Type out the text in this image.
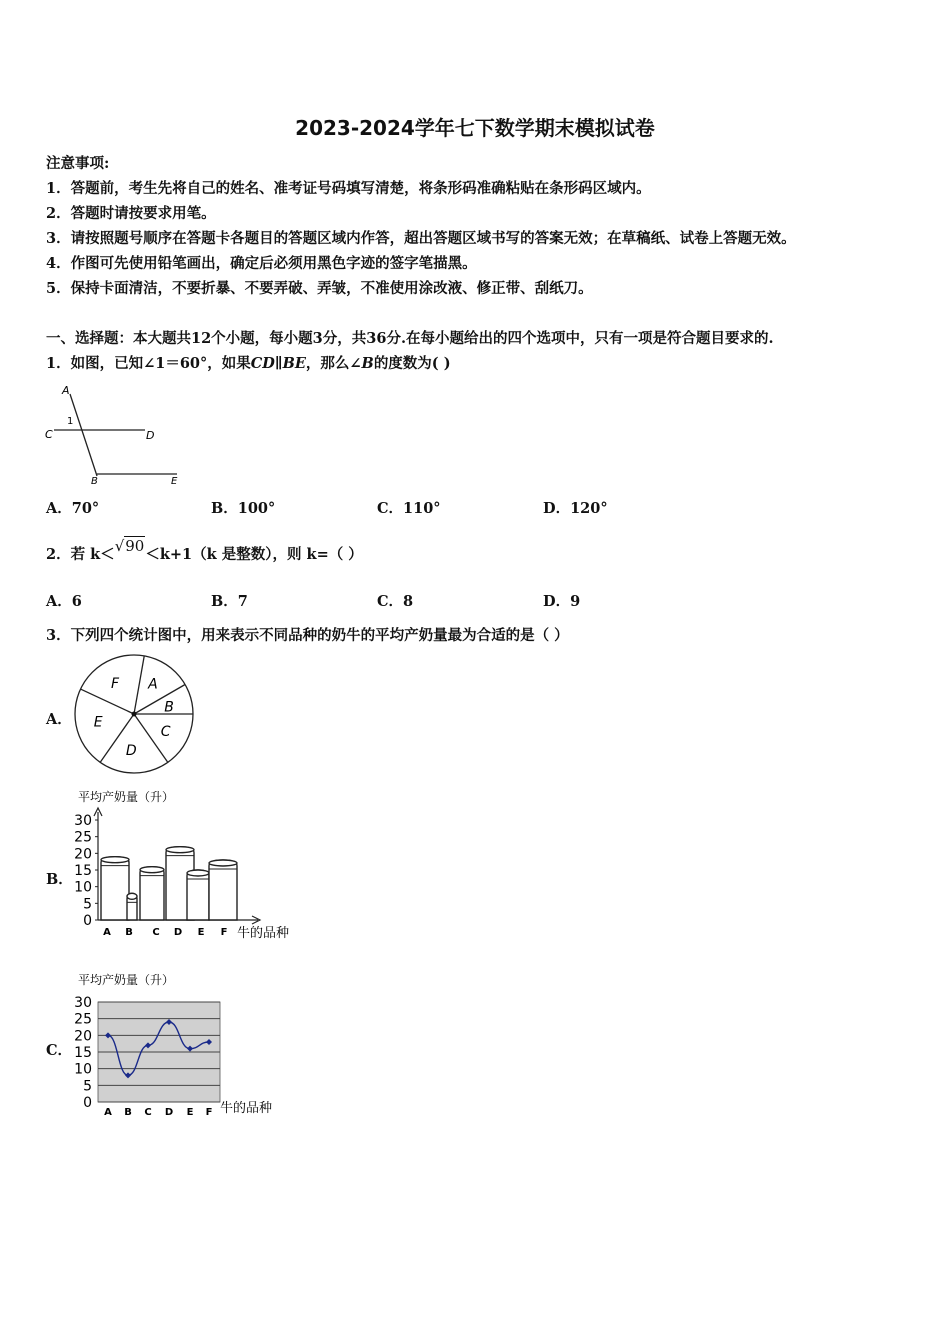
2023-2024学年七下数学期末模拟试卷
注意事项:
1．答题前，考生先将自己的姓名、准考证号码填写清楚，将条形码准确粘贴在条形码区域内。
2．答题时请按要求用笔。
3．请按照题号顺序在答题卡各题目的答题区域内作答，超出答题区域书写的答案无效；在草稿纸、试卷上答题无效。
4．作图可先使用铅笔画出，确定后必须用黑色字迹的签字笔描黑。
5．保持卡面清洁，不要折暴、不要弄破、弄皱，不准使用涂改液、修正带、刮纸刀。
一、选择题：本大题共12个小题，每小题3分，共36分.在每小题给出的四个选项中，只有一项是符合题目要求的.
1．如图，已知∠1＝60°，如果CD∥BE，那么∠B的度数为( )
A
1
C	D
B	E
A．70°	B．100°	C．110°	D．120°
2．若 k＜√90＜k+1（k 是整数），则 k=（ ）
A．6	B．7	C．8	D．9
3．下列四个统计图中，用来表示不同品种的奶牛的平均产奶量最为合适的是（ ）
A．
A
B
C
D
E
F
B．
平均产奶量（升）
0
5
10
15
20
25
30
A B C D E F 牛的品种
C．
平均产奶量（升）
0
5
10
15
20
25
30
A B C D E F 牛的品种
